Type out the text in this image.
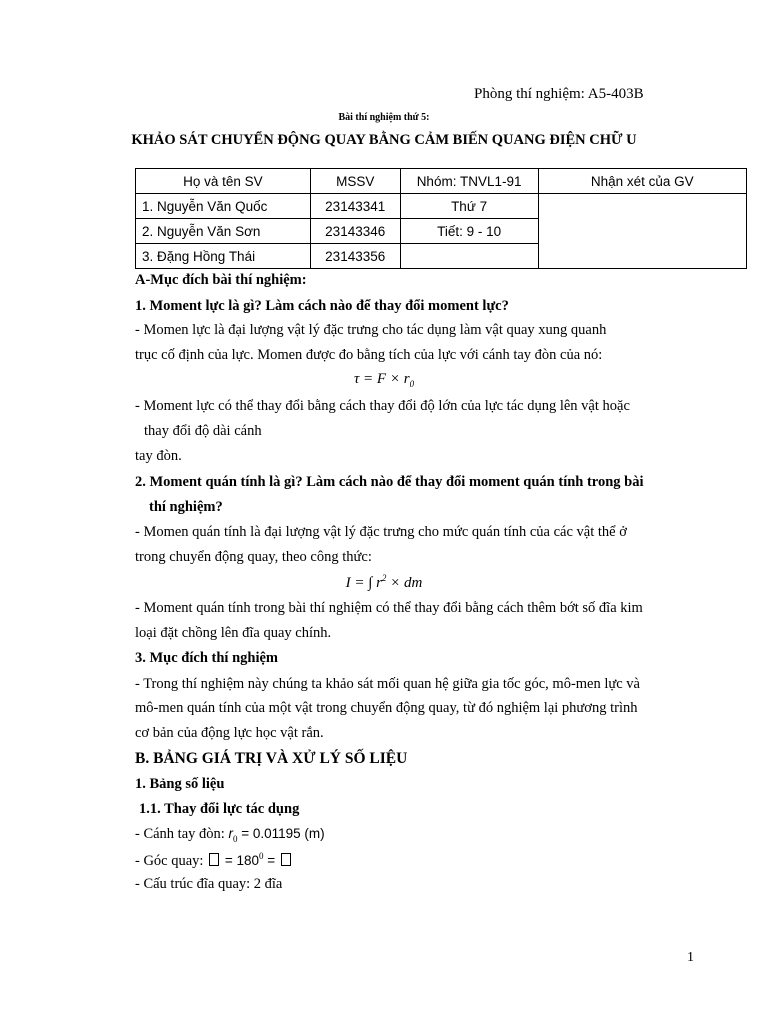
Phòng thí nghiệm: A5-403B
Bài thí nghiệm thứ 5:
KHẢO SÁT CHUYỂN ĐỘNG QUAY BẰNG CẢM BIẾN QUANG ĐIỆN CHỮ U
Họ và tên SV	MSSV	Nhóm: TNVL1-91	Nhận xét của GV
1. Nguyễn Văn Quốc	23143341	Thứ 7	
2. Nguyễn Văn Sơn	23143346	Tiết: 9 - 10	
3. Đặng Hồng Thái	23143356		
A-Mục đích bài thí nghiệm:
1. Moment lực là gì? Làm cách nào để thay đổi moment lực?
- Momen lực là đại lượng vật lý đặc trưng cho tác dụng làm vật quay xung quanh
trục cố định của lực. Momen được đo bằng tích của lực với cánh tay đòn của nó:
$\tau = F \times r_0$
- Moment lực có thể thay đổi bằng cách thay đổi độ lớn của lực tác dụng lên vật hoặc
thay đổi độ dài cánh
tay đòn.
2. Moment quán tính là gì? Làm cách nào để thay đổi moment quán tính trong bài
thí nghiệm?
- Momen quán tính là đại lượng vật lý đặc trưng cho mức quán tính của các vật thể ở
trong chuyển động quay, theo công thức:
I = ∫ $r^2$ × dm
- Moment quán tính trong bài thí nghiệm có thể thay đổi bằng cách thêm bớt số đĩa kim
loại đặt chồng lên đĩa quay chính.
3. Mục đích thí nghiệm
- Trong thí nghiệm này chúng ta khảo sát mối quan hệ giữa gia tốc góc, mô-men lực và
mô-men quán tính của một vật trong chuyển động quay, từ đó nghiệm lại phương trình
cơ bản của động lực học vật rắn.
B. BẢNG GIÁ TRỊ VÀ XỬ LÝ SỐ LIỆU
1. Bảng số liệu
1.1. Thay đổi lực tác dụng
- Cánh tay đòn: $r_0 = 0.01195$ (m)
- Góc quay:  = $180^0$ =
- Cấu trúc đĩa quay: 2 đĩa
1
